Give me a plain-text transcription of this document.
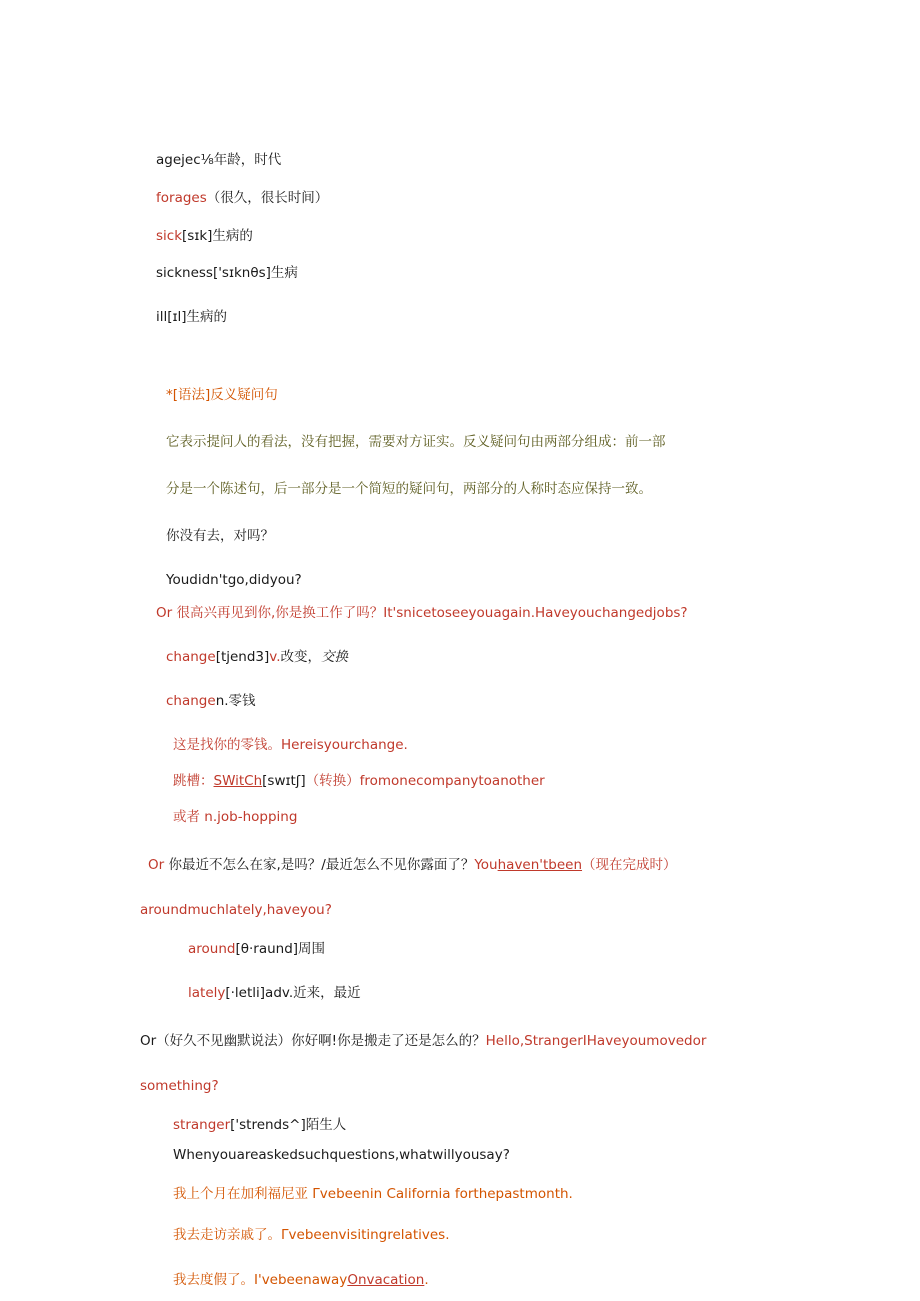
agejec⅛年龄，时代
forages（很久，很长时间）
sick[sɪk]生病的
sickness['sɪknθs]生病
ill[ɪl]生病的
*[语法]反义疑问句
它表示提问人的看法，没有把握，需要对方证实。反义疑问句由两部分组成：前一部
分是一个陈述句，后一部分是一个简短的疑问句，两部分的人称时态应保持一致。
你没有去，对吗？
Youdidn'tgo,didyou?
Or 很高兴再见到你,你是换工作了吗？It'snicetoseeyouagain.Haveyouchangedjobs?
change[tjend3]v.改变，交换
changen.零钱
这是找你的零钱。Hereisyourchange.
跳槽：SWitCh[swɪtʃ]（转换）fromonecompanytoanother
或者 n.job-hopping
Or 你最近不怎么在家,是吗？/最近怎么不见你露面了？Youhaven'tbeen（现在完成时）
aroundmuchlately,haveyou?
around[θ·raund]周围
lately[·letli]adv.近来，最近
Or（好久不见幽默说法）你好啊!你是搬走了还是怎么的？Hello,StrangerIHaveyoumovedor
something?
stranger['strends^]陌生人
Whenyouareaskedsuchquestions,whatwillyousay?
我上个月在加利福尼亚 Γvebeenin California forthepastmonth.
我去走访亲戚了。Γvebeenvisitingrelatives.
我去度假了。I'vebeenawayOnvacation.
